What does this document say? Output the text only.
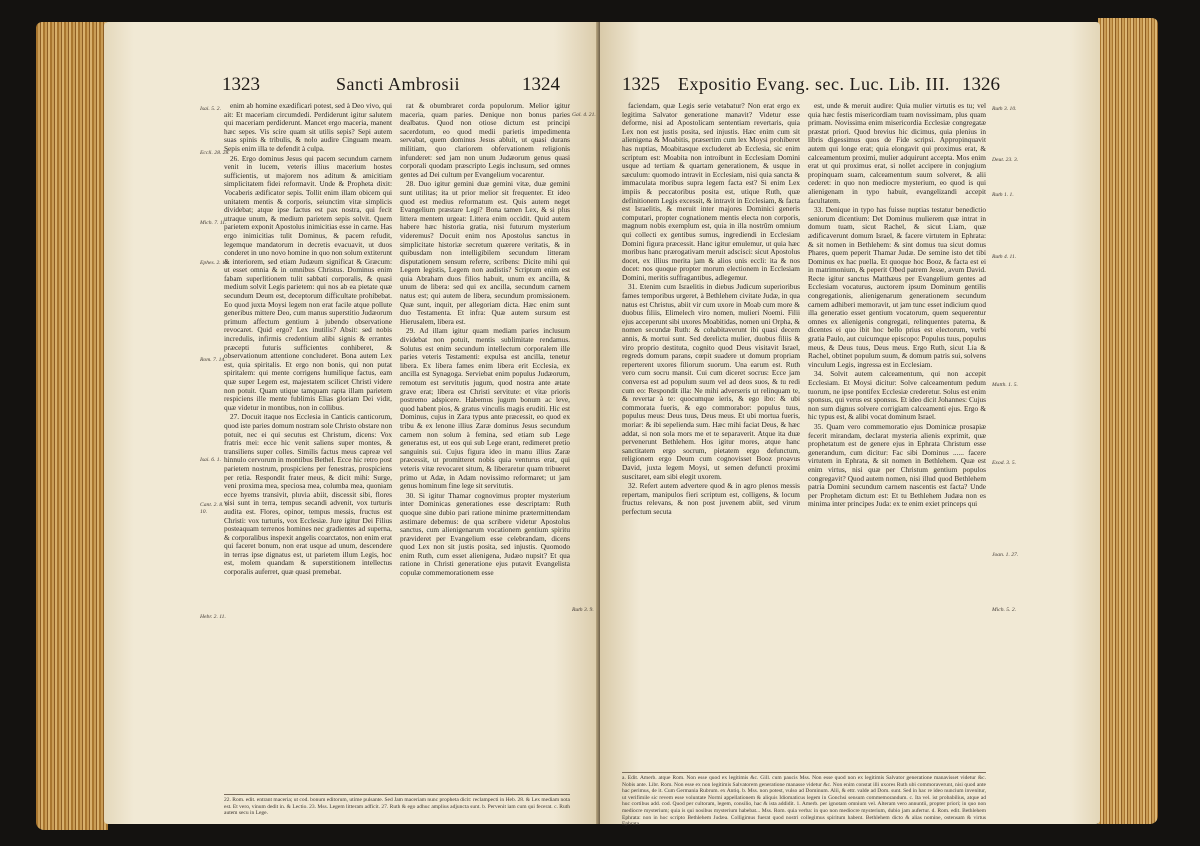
1323	Sancti Ambrosii	1324

enim ab homine exædificari potest, sed à Deo vivo, qui ait: Et maceriam circumdedi. Perdiderunt igitur salutem qui maceriam perdiderunt. Mancet ergo maceria, manent hæc sepes. Vis scire quam sit utilis sepis? Sepi autem suas spinis & tribulis, & nolo audire Cinguam meam. Sepis enim illa te defendit à culpa.

26. Ergo dominus Jesus qui pacem secundum carnem venit in lucem, veteris illius macerium hostes sufficientis, ut majorem nos aditum & amicitiam simplicitatem fidei reformavit. Unde & Propheta dixit: Vocaberis ædificator sepis. Tollit enim illam obicem qui unitatem mentis & corporis, seiunctim vitæ simplicis dividebat; atque ipse factus est pax nostra, qui fecit utraque unum, & medium parietem sepis solvit. Quem parietem exponit Apostolus inimicitias esse in carne. Has ergo inimicitias tulit Dominus, & pacem refudit, legemque mandatorum in decretis evacuavit, ut duos conderet in uno novo homine in quo non solum extiterunt & interiorem, sed etiam Judæum significat & Græcum: ut esset omnia & in omnibus Christus. Dominus enim fabam superlitionem tulit sabbati corporalis, & quasi medium solvit Legis parietem: qui nos ab ea pietate quæ secundum Deum est, deceptorum difficultate prohibebat. Eo quod juxta Moysi legem non erat facile atque pollute generibus mittere Deo, cum manus superstitio Judæorum primum affectum gentium à jubendo observatione revocaret. Quid ergo? Lex inutilis? Absit: sed nobis incredulis, infirmis credentium alibi signis & errantes præcepti futuris sufficientes conhiberet, & observationum attentione concluderet. Bona autem Lex est, quia spiritalis. Et ergo non bonis, qui non putat spiritalem: qui mente corrigens humilique factus, eam quæ super Legem est, majestatem scilicet Christi videre non potuit. Quam utique tamquam rapta illam parietem respiciens ille mente fublimis Elias gloriam Dei vidit, quæ videtur in montibus, non in collibus.

27. Docuit itaque nos Ecclesia in Canticis canticorum, quod iste paries domum nostram sole Christo obstare non potuit, nec ei qui secutus est Christum, dicens: Vox fratris mei: ecce hic venit saliens super montes, & transiliens super colles. Similis factus meus capreæ vel hinnulo cervorum in montibus Bethel. Ecce hic retro post parietem nostrum, prospiciens per fenestras, prospiciens per retia. Respondit frater meus, & dicit mihi: Surge, veni proxima mea, speciosa mea, columba mea, quoniam ecce hyems transivit, pluvia abiit, discessit sibi, flores visi sunt in terra, tempus secandi advenit, vox turturis audita est. Flores, opinor, tempus messis, fructus est Christi: vox turturis, vox Ecclesiæ. Jure igitur Dei Filius posteaquam terrenos homines nec gradientes ad superna, & corporalibus inspexit angelis coarctatos, non enim erat qui faceret bonum, non erat usque ad unum, descendere in terras ipse dignatus est, ut parietem illum Legis, hoc est, molem quandam & superstitionem intellectus corporalis auferret, quæ quasi premebat.

rat & obumbraret corda populorum. Melior igitur maceria, quam paries. Denique non bonus paries dealbatus. Quod non otiose dictum est principi sacerdotum, eo quod medii parietis impedimenta servabat, quem dominus Jesus abluit, ut quasi durans militiam, quo clariorem obfervationem religionis infunderet: sed jam non unum Judæorum genus quasi corporali quodam præscripto Legis inclusum, sed omnes gentes ad Dei cultum per Evangelium vocarentur.

28. Duo igitur gemini duæ gemini vitæ, duæ gemini sunt utilitas; ita ut prior melior sit frequenter. Et ideo quod est medius reformatum est. Quis autem neget Evangelium præstare Legi? Bona tamen Lex, & si plus littera mentem urgeat: Littera enim occidit. Quid autem habere hæc historia gratia, nisi futurum mysterium videremus? Docuit enim nos Apostolus sanctus in simplicitate historiæ secretum quærere veritatis, & in quibusdam non intelligibilem secundum litteram disputationem sensum referre, scribens: Dicite mihi qui Legem legistis, Legem non audistis? Scriptum enim est quia Abraham duos filios habuit, unum ex ancilla, & unum de libera: sed qui ex ancilla, secundum carnem natus est; qui autem de libera, secundum promissionem. Quæ sunt, inquit, per allegoriam dicta. Hæc enim sunt duo Testamenta. Et infra: Quæ autem sursum est Hierusalem, libera est.

29. Ad illam igitur quam mediam paries inclusum dividebat non potuit, mentis sublimitate rendamus. Solutus est enim secundum intellectum corporalem ille paries veteris Testamenti: expulsa est ancilla, tenetur libera. Ex libera fames enim libera erit Ecclesia, ex ancilla est Synagoga. Serviebat enim populus Judæorum, remotum est servitutis jugum, quod nostra ante ætate grave erat; libera est Christi servitute: et vitæ prioris postremo adspicere. Habemus jugum bonum ac leve, quod habent pios, & gratus vinculis magis eruditi. Hic est Dominus, cujus in Zara typus ante præcessit, eo quod ex tribu & ex lenone illius Zaræ dominus Jesus secundum carnem non solum à femina, sed etiam sub Lege generatus est, ut eos qui sub Lege erant, redimeret pretio sanguinis sui. Cujus figura ideo in manu illius Zaræ præcessit, ut promitteret nobis quia venturus erat, qui veteris vitæ revocaret situm, & liberaretur quam tribueret primo ut Adæ, in Adam novissimo reformaret; ut jam genus hominum fine lege sit servitutis.

30. Si igitur Thamar cognovimus propter mysterium inter Dominicas generationes esse descriptam: Ruth quoque sine dubio pari ratione minime prætermittendam æstimare debemus: de qua scribere videtur Apostolus sanctus, cum alienigenarum vocationem gentium spiritu prævideret per Evangelium esse celebrandam, dicens quod Lex non sit justis posita, sed injustis. Quomodo enim Ruth, cum esset alienigena, Judæo nupsit? Et qua ratione in Christi generatione ejus putavit Evangelista copulæ commemorationem esse

Isai. 5. 2.
Eccli. 28. 28.
Mich. 7. 11.
Ephes. 2. 14.
Rom. 7. 14.
Isai. 6. 1.
Cant. 2. 8. 9. 10.
Hebr. 2. 11.
Gal. 4. 21.
Ruth 3. 9.
22. Rom. edit. entrant maceria; ut cod. bonum editorum, utime pulsante. Sed Jam maceriam nunc propheta dicit: reclampecti in Heb. 28. & Lex mediam nota est. Et vero, vinum dedit in. & Lectio. 23. Mss. Legem litteram adficit. 27. Ruth & ego adhuc amplius adjuncta sunt. b. Pervenit iam cum qui fecerat. c. Ruth autem secu in Lege.
1325 Expositio Evang. sec. Luc. Lib. III. 1326

faciendam, quæ Legis serie vetabatur? Non erat ergo ex legitima Salvator generatione manavit? Videtur esse deforme, nisi ad Apostolicam sententiam revertaris, quia Lex non est justis posita, sed injustis. Hæc enim cum sit alienigena & Moabitis, præsertim cum lex Moysi prohiberet has nuptias, Moabitasque excluderet ab Ecclesia, sic enim scriptum est: Moabita non introibunt in Ecclesiam Domini usque ad tertiam & quartam generationem, & usque in sæculum: quomodo intravit in Ecclesiam, nisi quia sancta & immaculata moribus supra legem facta est? Si enim Lex impiis & peccatoribus posita est, utique Ruth, quæ definitionem Legis excessit, & intravit in Ecclesiam, & facta est Israelitis, & meruit inter majores Dominici generis computari, propter cognationem mentis electa non corporis, magnum nobis exemplum est, quia in illa nostrûm omnium qui collecti ex gentibus sumus, ingrediendi in Ecclesiam Domini figura præcessit. Hanc igitur emulemur, ut quia hæc moribus hanc prærogativam meruit adscisci: sicut Apostolus docet, ex illius merita jam & alios unis eccli: ita & nos docet: nos quoque propter morum electionem in Ecclesiam Domini, meritis suffragantibus, adlegemur.

31. Etenim cum Israelitis in diebus Judicum superioribus fames temporibus urgeret, à Bethlehem civitate Judæ, in qua natus est Christus, abiit vir cum uxore in Moab cum more & duobus filiis, Elimelech viro nomen, mulieri Noemi. Filii ejus acceperunt sibi uxores Moabitidas, nomen uni Orpha, & nomen secundæ Ruth: & cohabitaverunt ibi quasi decem annis, & mortui sunt. Sed derelicta mulier, duobus filiis & viro proprio destituta, cognito quod Deus visitavit Israel, regreds domum parans, cœpit suadere ut domum propriam reperterent uxores filiorum suorum. Una earum est. Ruth vero cum socru mansit. Cui cum diceret socrus: Ecce jam conversa est ad populum suum vel ad deos suos, & tu redi cum eo: Respondit illa: Ne mihi adverseris ut relinquam te, & revertar à te: quocumque ieris, & ego ibo: & ubi commorata fueris, & ego commorabor: populus tuus, populus meus: Deus tuus, Deus meus. Et ubi mortua fueris, moriar: & ibi sepelienda sum. Hæc mihi faciat Deus, & hæc addat, si non sola mors me et te separaverit. Atque ita duæ pervenerunt Bethlehem. Hos igitur mores, atque hanc sanctitatem ergo socrum, pietatem ergo defunctum, religionem ergo Deum cum cognovisset Booz proavus David, juxta legem Moysi, ut semen defuncti proximi suscitaret, eam sibi elegit uxorem.

32. Refert autem advertere quod & in agro plenos messis repertam, manipulos fieri scriptum est, colligens, & locum fructus relevans, & non post juvenem abiit, sed virum perfectum secuta

est, unde & meruit audire: Quia mulier virtutis es tu; vel quia hæc festis misericordiam tuam novissimam, plus quam primam. Novissima enim misericordia Ecclesiæ congregatæ præstat priori. Quod brevius hic dicimus, quia plenius in libris digessimus quos de Fide scripsi. Appropinquavit autem qui longe erat; quia elongavit qui proximus erat, & calceamentum proximi, mulier adquirunt accepta. Mos enim erat ut qui proximus erat, si nollet accipere in conjugium propinquam suam, calceamentum suum solveret, & alii cederet: in quo non mediocre mysterium, eo quod is qui alienigenam in typo habuit, evangelizandi accepit facultatem.

33. Denique in typo has fuisse nuptias testatur benedictio seniorum dicentium: Det Dominus mulierem quæ intrat in domum tuam, sicut Rachel, & sicut Liam, quæ ædificaverunt domum Israel, & facere virtutem in Ephrata: & sit nomen in Bethlehem: & sint domus tua sicut domus Phares, quem peperit Thamar Judæ. De semine isto det tibi Dominus ex hac puella. Et quoque hoc Booz, & facta est ei in matrimonium, & peperit Obed patrem Jesse, avum David. Recte igitur sanctus Matthæus per Evangelium gentes ad Ecclesiam vocaturus, auctorem ipsum Dominum gentilis congregationis, alienigenarum generationem secundum carnem adhiberi memoravit, ut jam tunc esset indicium quod illa generatio esset gentium vocatorum, quem sequerentur omnes ex alienigenis congregati, relinquentes paterna, & dicentes ei quo ibit hoc bello prius est electorum, verbi gratia Paulo, aut cuicumque episcopo: Populus tuus, populus meus, & Deus tuus, Deus meus. Ergo Ruth, sicut Lia & Rachel, obtinet populum suum, & domum patris sui, solvens vinculum Legis, ingressa est in Ecclesiam.

34. Solvit autem calceamentum, qui non accepit Ecclesiam. Et Moysi dicitur: Solve calceamentum pedum tuorum, ne ipse pontifex Ecclesiæ crederetur. Solus est enim sponsus, qui verus est sponsus. Et ideo dicit Johannes: Cujus non sum dignus solvere corrigiam calceamenti ejus. Ergo & hic typus est, & alibi vocat dominum Israel.

35. Quam vero commemoratio ejus Dominicæ prosapiæ fecerit mirandam, declarat mysteria alienis exprimit, quæ prophetatum est de genere ejus in Ephrata Christum esse generandum, cum dicitur: Fac sibi Dominus ...... facere virtutem in Ephrata, & sit nomen in Bethlehem. Quæ est enim virtus, nisi quæ per Christum gentium populos congregavit? Quod autem nomen, nisi illud quod Bethlehem patria Domini secundum carnem nascentis est facta? Unde per Prophetam dictum est: Et tu Bethlehem Judæa non es minima inter principes Juda: ex te enim exiet princeps qui

Ruth 3. 10.
Deut. 23. 3.
Ruth 1. 1.
Ruth 4. 11.
Matth. 1. 5.
Exod. 3. 5.
Joan. 1. 27.
Mich. 5. 2.
a. Edit. Amerb. atque Rom. Non esse quod ex legitimis &c. Gill. cum paucis Mss. Non esse quod non ex legitimis Salvator generatione manavisset videtur &c. Nobis ante. Libr. Rom. Non esse ex non legitimis Salvatorem generatione manasse videtur &c. Non enim constat illi uxores Ruth ubi commoraverunt, nisi quod ante hac perimus, de it. Cum Germania Rubrum. ex Antiq. b. Mss. non potest, vulso ad Dominum. Alii, & ettr. valde ad Dom. sunt. Sed in hac re ideo nuncium invenitur, ut verifimile sic revem esse voluntate Normi appellationem & aliquis Idiomaticus legem in Gonchsi sensum commemorandum. c. Ita vel. ist probabilius, atque ad huc cortibus add. cod. Quod per cultoram, legem, consilio, hac & ista addidit. 1. Amerb. per ignotam omnium vel. Alteram vero annuntii, propter priori; in quo non mediocre mysterium; quia is qui nosibus mysterium habebat... Mss. Rom. quia verba: in quo non mediocre mysterium, dubio jam aufertur. d. Rom. edit. Bethlehem Ephrata: non in hoc scripto Bethlehem Judæa. Colligimus fuerat quod nostri collegimus spiritum habent. Bethlehem dicto & alias nomine, ostensam & virtus Ephrata.
